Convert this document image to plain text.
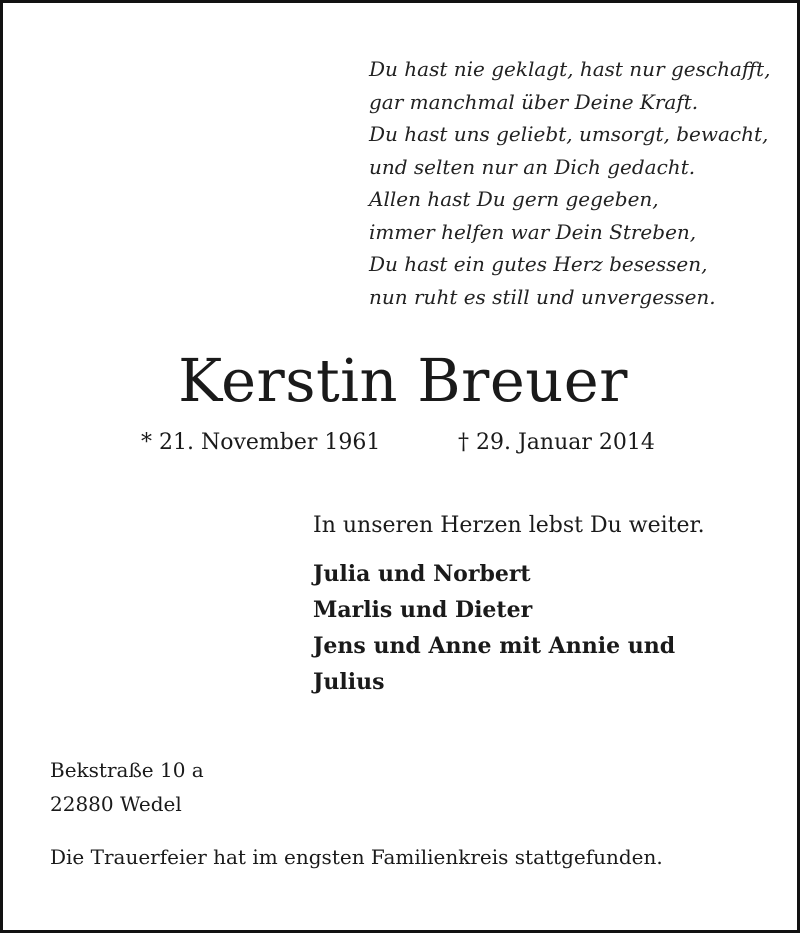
Du hast nie geklagt, hast nur geschafft,
gar manchmal über Deine Kraft.
Du hast uns geliebt, umsorgt, bewacht,
und selten nur an Dich gedacht.
Allen hast Du gern gegeben,
immer helfen war Dein Streben,
Du hast ein gutes Herz besessen,
nun ruht es still und unvergessen.
Kerstin Breuer
* 21. November 1961	† 29. Januar 2014
In unseren Herzen lebst Du weiter.
Julia und Norbert
Marlis und Dieter
Jens und Anne mit Annie und
Julius
Bekstraße 10 a
22880 Wedel
Die Trauerfeier hat im engsten Familienkreis stattgefunden.
